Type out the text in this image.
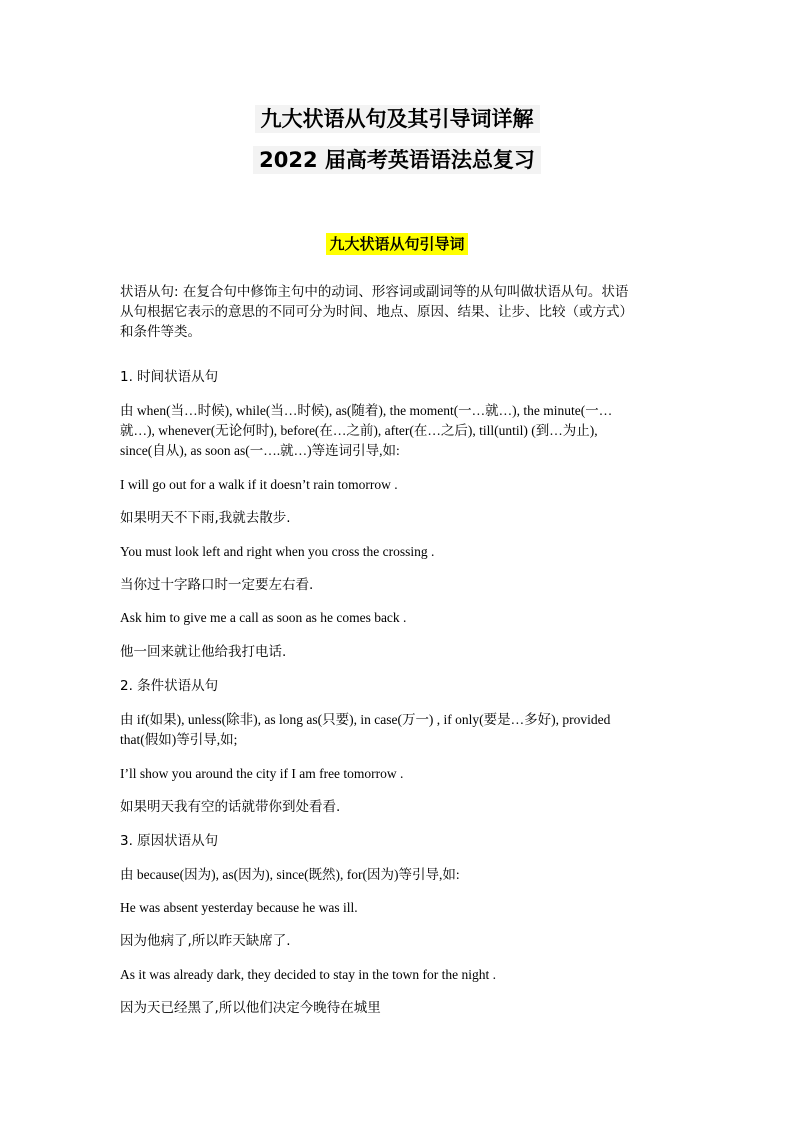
九大状语从句及其引导词详解
2022 届高考英语语法总复习
九大状语从句引导词
状语从句: 在复合句中修饰主句中的动词、形容词或副词等的从句叫做状语从句。状语
从句根据它表示的意思的不同可分为时间、地点、原因、结果、让步、比较（或方式）
和条件等类。
1. 时间状语从句
由 when(当…时候), while(当…时候), as(随着), the moment(一…就…), the minute(一…
就…), whenever(无论何时), before(在…之前), after(在…之后), till(until) (到…为止),
since(自从), as soon as(一….就…)等连词引导,如:
I will go out for a walk if it doesn’t rain tomorrow .
如果明天不下雨,我就去散步.
You must look left and right when you cross the crossing .
当你过十字路口时一定要左右看.
Ask him to give me a call as soon as he comes back .
他一回来就让他给我打电话.
2. 条件状语从句
由 if(如果), unless(除非), as long as(只要), in case(万一) , if only(要是…多好), provided
that(假如)等引导,如;
I’ll show you around the city if I am free tomorrow .
如果明天我有空的话就带你到处看看.
3. 原因状语从句
由 because(因为), as(因为), since(既然), for(因为)等引导,如:
He was absent yesterday because he was ill.
因为他病了,所以昨天缺席了.
As it was already dark, they decided to stay in the town for the night .
因为天已经黑了,所以他们决定今晚待在城里
